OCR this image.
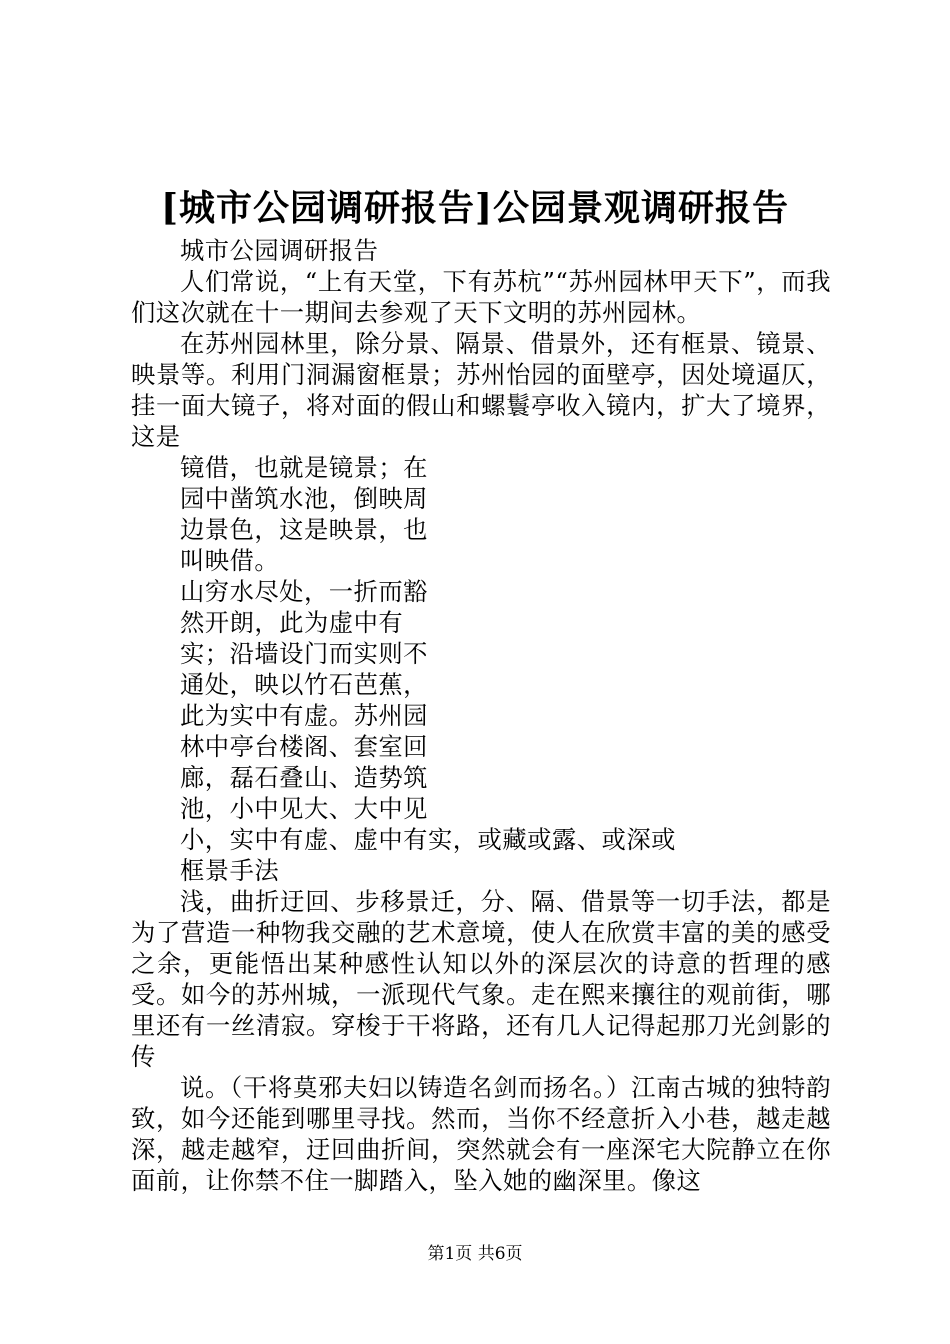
[城市公园调研报告]公园景观调研报告
城市公园调研报告
人们常说，“上有天堂，下有苏杭”“苏州园林甲天下”，而我们这次就在十一期间去参观了天下文明的苏州园林。
在苏州园林里，除分景、隔景、借景外，还有框景、镜景、映景等。利用门洞漏窗框景；苏州怡园的面壁亭，因处境逼仄，挂一面大镜子，将对面的假山和螺鬟亭收入镜内，扩大了境界，这是
镜借，也就是镜景；在
园中凿筑水池，倒映周
边景色，这是映景，也
叫映借。
山穷水尽处，一折而豁
然开朗，此为虚中有
实；沿墙设门而实则不
通处，映以竹石芭蕉，
此为实中有虚。苏州园
林中亭台楼阁、套室回
廊，磊石叠山、造势筑
池，小中见大、大中见
小，实中有虚、虚中有实，或藏或露、或深或
框景手法
浅，曲折迂回、步移景迁，分、隔、借景等一切手法，都是为了营造一种物我交融的艺术意境，使人在欣赏丰富的美的感受之余，更能悟出某种感性认知以外的深层次的诗意的哲理的感受。如今的苏州城，一派现代气象。走在熙来攘往的观前街，哪里还有一丝清寂。穿梭于干将路，还有几人记得起那刀光剑影的传
说。（干将莫邪夫妇以铸造名剑而扬名。）江南古城的独特韵致，如今还能到哪里寻找。然而，当你不经意折入小巷，越走越深，越走越窄，迂回曲折间，突然就会有一座深宅大院静立在你面前，让你禁不住一脚踏入，坠入她的幽深里。像这
第1页 共6页
